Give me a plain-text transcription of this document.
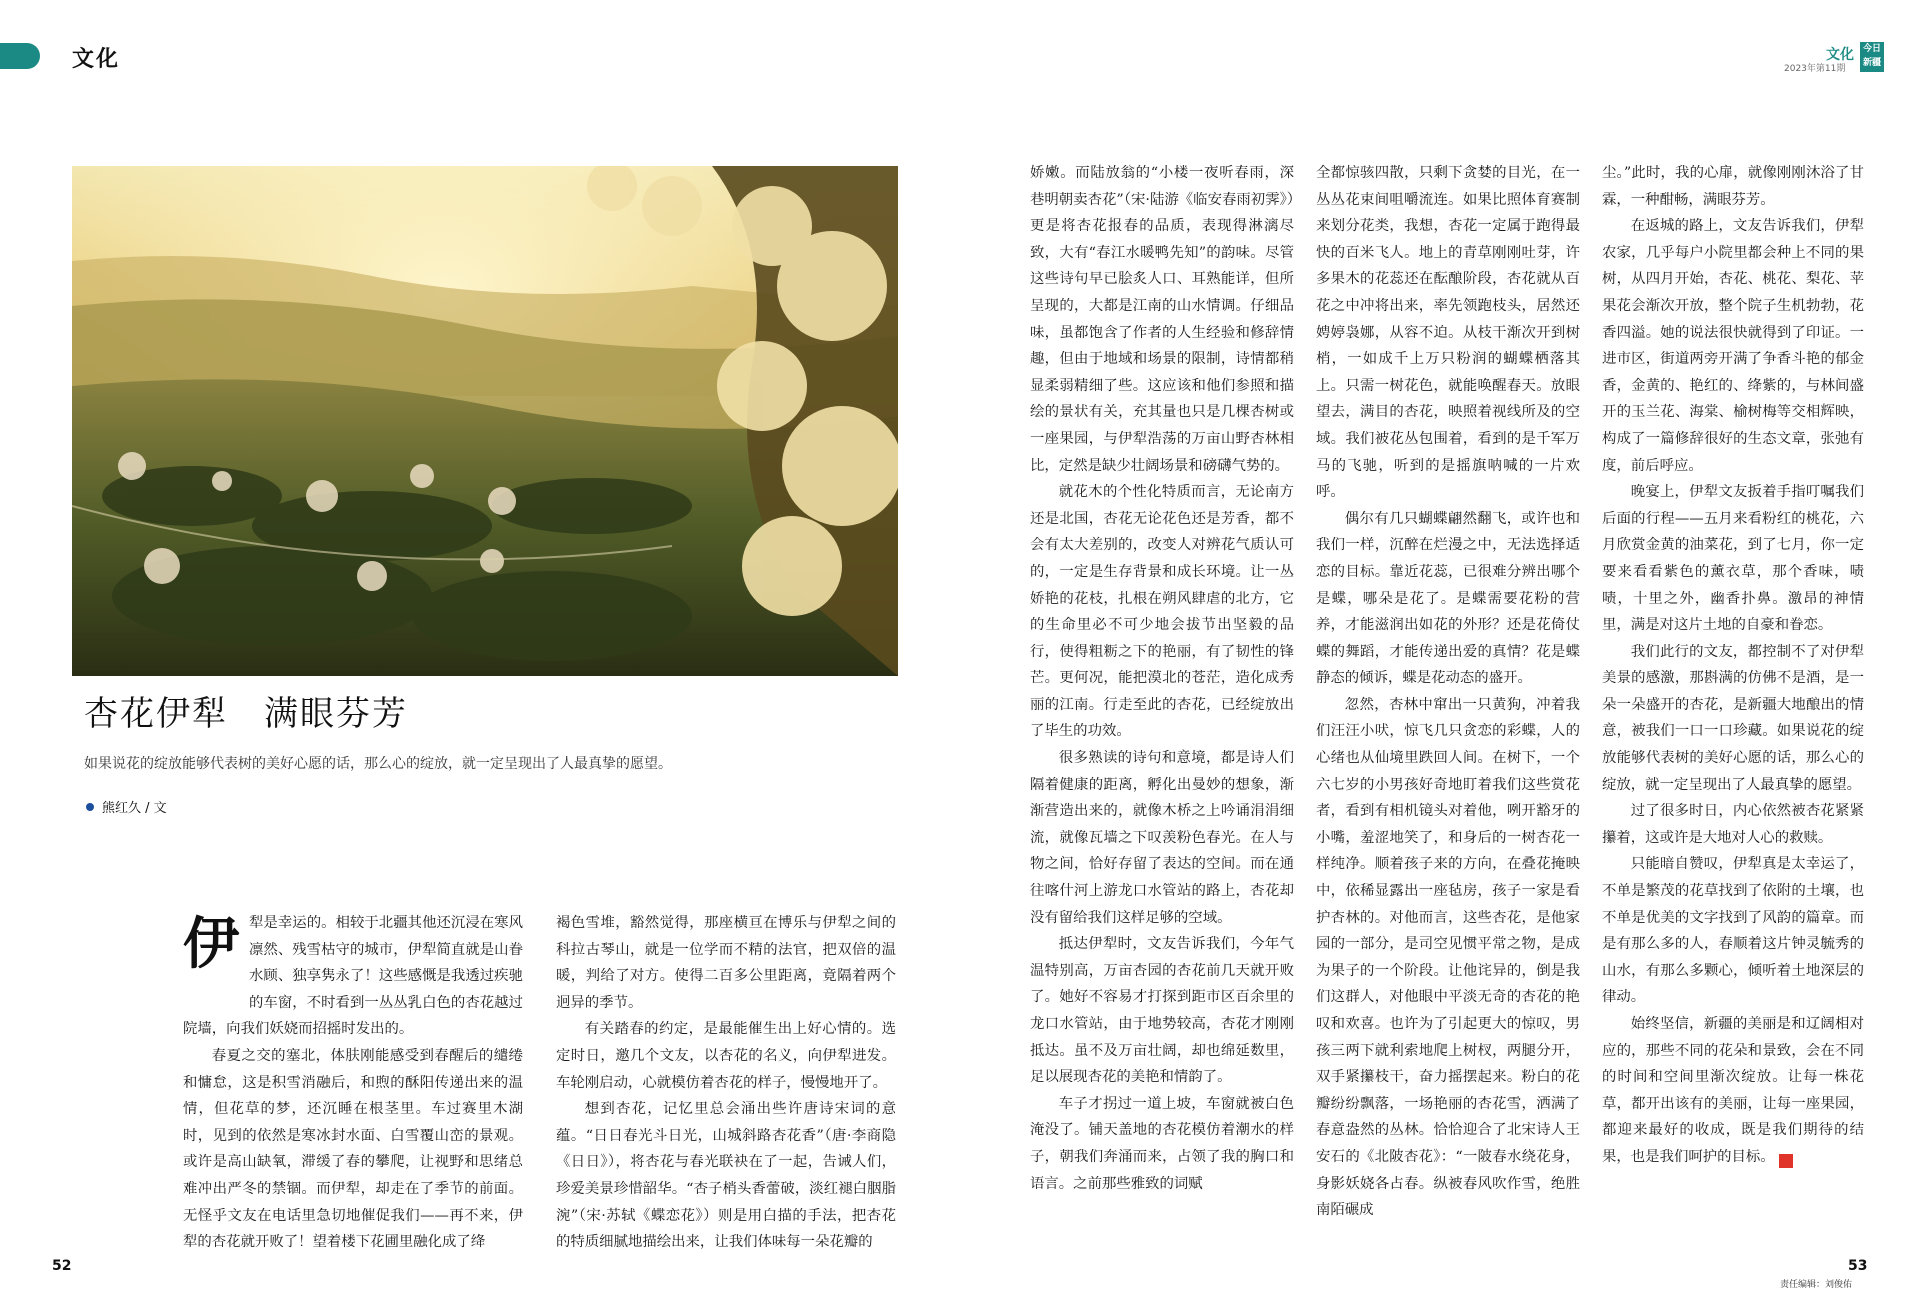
文化	文化
2023年第11期
今日新疆
杏花伊犁　满眼芬芳
如果说花的绽放能够代表树的美好心愿的话，那么心的绽放，就一定呈现出了人最真挚的愿望。
熊红久 / 文
伊 犁是幸运的。相较于北疆其他还沉浸在寒风凛然、残雪枯守的城市，伊犁简直就是山眷水顾、独享隽永了！这些感慨是我透过疾驰的车窗，不时看到一丛丛乳白色的杏花越过院墙，向我们妖娆而招摇时发出的。

春夏之交的塞北，体肤刚能感受到春醒后的缱绻和慵怠，这是积雪消融后，和煦的酥阳传递出来的温情，但花草的梦，还沉睡在根茎里。车过赛里木湖时，见到的依然是寒冰封水面、白雪覆山峦的景观。或许是高山缺氧，滞缓了春的攀爬，让视野和思绪总难冲出严冬的禁锢。而伊犁，却走在了季节的前面。无怪乎文友在电话里急切地催促我们——再不来，伊犁的杏花就开败了！望着楼下花圃里融化成了绛

褐色雪堆，豁然觉得，那座横亘在博乐与伊犁之间的科拉古琴山，就是一位学而不精的法官，把双倍的温暖，判给了对方。使得二百多公里距离，竟隔着两个迥异的季节。

有关踏春的约定，是最能催生出上好心情的。选定时日，邀几个文友，以杏花的名义，向伊犁进发。车轮刚启动，心就模仿着杏花的样子，慢慢地开了。

想到杏花，记忆里总会涌出些许唐诗宋词的意蕴。“日日春光斗日光，山城斜路杏花香”（唐·李商隐《日日》），将杏花与春光联袂在了一起，告诫人们，珍爱美景珍惜韶华。“杏子梢头香蕾破，淡红褪白胭脂涴”（宋·苏轼《蝶恋花》）则是用白描的手法，把杏花的特质细腻地描绘出来，让我们体味每一朵花瓣的

娇嫩。而陆放翁的“小楼一夜听春雨，深巷明朝卖杏花”（宋·陆游《临安春雨初霁》）更是将杏花报春的品质，表现得淋漓尽致，大有“春江水暖鸭先知”的韵味。尽管这些诗句早已脍炙人口、耳熟能详，但所呈现的，大都是江南的山水情调。仔细品味，虽都饱含了作者的人生经验和修辞情趣，但由于地域和场景的限制，诗情都稍显柔弱精细了些。这应该和他们参照和描绘的景状有关，充其量也只是几棵杏树或一座果园，与伊犁浩荡的万亩山野杏林相比，定然是缺少壮阔场景和磅礴气势的。

就花木的个性化特质而言，无论南方还是北国，杏花无论花色还是芳香，都不会有太大差别的，改变人对辨花气质认可的，一定是生存背景和成长环境。让一丛娇艳的花枝，扎根在朔风肆虐的北方，它的生命里必不可少地会拔节出坚毅的品行，使得粗粝之下的艳丽，有了韧性的锋芒。更何况，能把漠北的苍茫，造化成秀丽的江南。行走至此的杏花，已经绽放出了毕生的功效。

很多熟读的诗句和意境，都是诗人们隔着健康的距离，孵化出曼妙的想象，渐渐营造出来的，就像木桥之上吟诵涓涓细流，就像瓦墙之下叹羡粉色春光。在人与物之间，恰好存留了表达的空间。而在通往喀什河上游龙口水管站的路上，杏花却没有留给我们这样足够的空域。

抵达伊犁时，文友告诉我们，今年气温特别高，万亩杏园的杏花前几天就开败了。她好不容易才打探到距市区百余里的龙口水管站，由于地势较高，杏花才刚刚抵达。虽不及万亩壮阔，却也绵延数里，足以展现杏花的美艳和情韵了。

车子才拐过一道上坡，车窗就被白色淹没了。铺天盖地的杏花模仿着潮水的样子，朝我们奔涌而来，占领了我的胸口和语言。之前那些雅致的词赋

全都惊骇四散，只剩下贪婪的目光，在一丛丛花束间咀嚼流连。如果比照体育赛制来划分花类，我想，杏花一定属于跑得最快的百米飞人。地上的青草刚刚吐芽，许多果木的花蕊还在酝酿阶段，杏花就从百花之中冲将出来，率先领跑枝头，居然还娉婷袅娜，从容不迫。从枝干渐次开到树梢，一如成千上万只粉润的蝴蝶栖落其上。只需一树花色，就能唤醒春天。放眼望去，满目的杏花，映照着视线所及的空域。我们被花丛包围着，看到的是千军万马的飞驰，听到的是摇旗呐喊的一片欢呼。

偶尔有几只蝴蝶翩然翻飞，或许也和我们一样，沉醉在烂漫之中，无法选择适恋的目标。靠近花蕊，已很难分辨出哪个是蝶，哪朵是花了。是蝶需要花粉的营养，才能滋润出如花的外形？还是花倚仗蝶的舞蹈，才能传递出爱的真情？花是蝶静态的倾诉，蝶是花动态的盛开。

忽然，杏林中窜出一只黄狗，冲着我们汪汪小吠，惊飞几只贪恋的彩蝶，人的心绪也从仙境里跌回人间。在树下，一个六七岁的小男孩好奇地盯着我们这些赏花者，看到有相机镜头对着他，咧开豁牙的小嘴，羞涩地笑了，和身后的一树杏花一样纯净。顺着孩子来的方向，在叠花掩映中，依稀显露出一座毡房，孩子一家是看护杏林的。对他而言，这些杏花，是他家园的一部分，是司空见惯平常之物，是成为果子的一个阶段。让他诧异的，倒是我们这群人，对他眼中平淡无奇的杏花的艳叹和欢喜。也许为了引起更大的惊叹，男孩三两下就利索地爬上树杈，两腿分开，双手紧攥枝干，奋力摇摆起来。粉白的花瓣纷纷飘落，一场艳丽的杏花雪，洒满了春意盎然的丛林。恰恰迎合了北宋诗人王安石的《北陂杏花》：“一陂春水绕花身，身影妖娆各占春。纵被春风吹作雪，绝胜南陌碾成

尘。”此时，我的心扉，就像刚刚沐浴了甘霖，一种酣畅，满眼芬芳。

在返城的路上，文友告诉我们，伊犁农家，几乎每户小院里都会种上不同的果树，从四月开始，杏花、桃花、梨花、苹果花会渐次开放，整个院子生机勃勃，花香四溢。她的说法很快就得到了印证。一进市区，街道两旁开满了争香斗艳的郁金香，金黄的、艳红的、绛紫的，与林间盛开的玉兰花、海棠、榆树梅等交相辉映，构成了一篇修辞很好的生态文章，张弛有度，前后呼应。

晚宴上，伊犁文友扳着手指叮嘱我们后面的行程——五月来看粉红的桃花，六月欣赏金黄的油菜花，到了七月，你一定要来看看紫色的薰衣草，那个香味，啧啧，十里之外，幽香扑鼻。激昂的神情里，满是对这片土地的自豪和眷恋。

我们此行的文友，都控制不了对伊犁美景的感激，那斟满的仿佛不是酒，是一朵一朵盛开的杏花，是新疆大地酿出的情意，被我们一口一口珍藏。如果说花的绽放能够代表树的美好心愿的话，那么心的绽放，就一定呈现出了人最真挚的愿望。

过了很多时日，内心依然被杏花紧紧攥着，这或许是大地对人心的救赎。

只能暗自赞叹，伊犁真是太幸运了，不单是繁茂的花草找到了依附的土壤，也不单是优美的文字找到了风韵的篇章。而是有那么多的人，春顺着这片钟灵毓秀的山水，有那么多颗心，倾听着土地深层的律动。

始终坚信，新疆的美丽是和辽阔相对应的，那些不同的花朵和景致，会在不同的时间和空间里渐次绽放。让每一株花草，都开出该有的美丽，让每一座果园，都迎来最好的收成，既是我们期待的结果，也是我们呵护的目标。	J

52	53
责任编辑：刘俊佑
